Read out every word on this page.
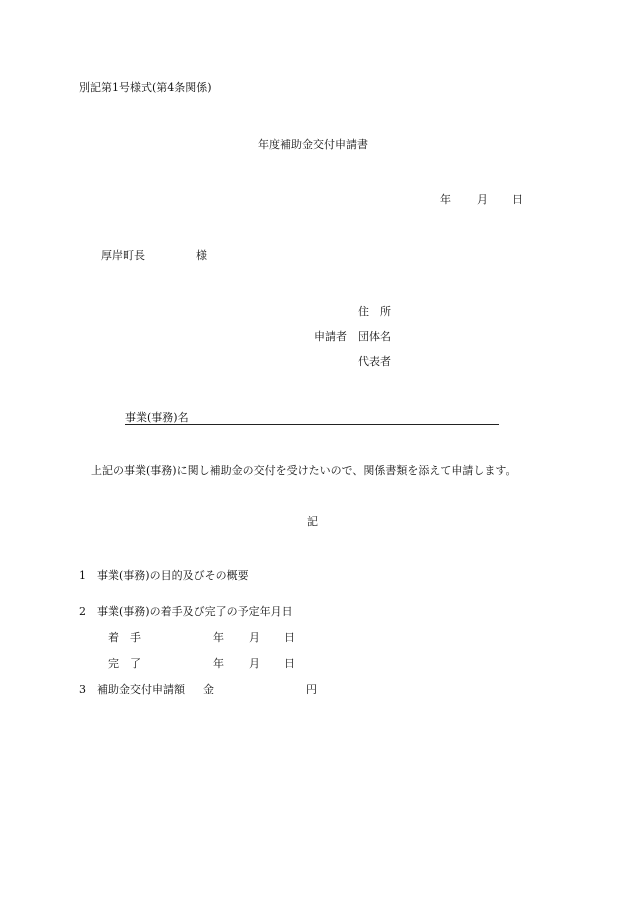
別記第1号様式(第4条関係)
年度補助金交付申請書
年 月 日
厚岸町長	様
住　所
申請者 団体名
代表者
事業(事務)名
上記の事業(事務)に関し補助金の交付を受けたいので、関係書類を添えて申請します。
記
1 事業(事務)の目的及びその概要
2 事業(事務)の着手及び完了の予定年月日
着　手	年 月 日
完　了	年 月 日
3 補助金交付申請額 金	円
